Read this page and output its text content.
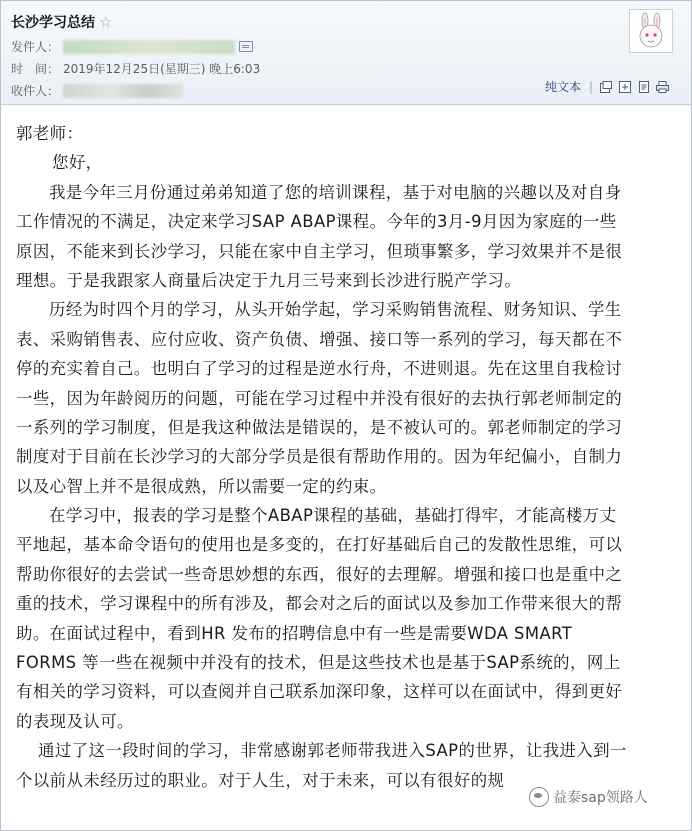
长沙学习总结 ☆
发件人：
时　间： 2019年12月25日(星期三) 晚上6:03
收件人：	纯文本 |
郭老师：
您好，
我是今年三月份通过弟弟知道了您的培训课程，基于对电脑的兴趣以及对自身
工作情况的不满足，决定来学习SAP ABAP课程。今年的3月-9月因为家庭的一些
原因，不能来到长沙学习，只能在家中自主学习，但琐事繁多，学习效果并不是很
理想。于是我跟家人商量后决定于九月三号来到长沙进行脱产学习。
历经为时四个月的学习，从头开始学起，学习采购销售流程、财务知识、学生
表、采购销售表、应付应收、资产负债、增强、接口等一系列的学习，每天都在不
停的充实着自己。也明白了学习的过程是逆水行舟，不进则退。先在这里自我检讨
一些，因为年龄阅历的问题，可能在学习过程中并没有很好的去执行郭老师制定的
一系列的学习制度，但是我这种做法是错误的，是不被认可的。郭老师制定的学习
制度对于目前在长沙学习的大部分学员是很有帮助作用的。因为年纪偏小，自制力
以及心智上并不是很成熟，所以需要一定的约束。
在学习中，报表的学习是整个ABAP课程的基础，基础打得牢，才能高楼万丈
平地起，基本命令语句的使用也是多变的，在打好基础后自己的发散性思维，可以
帮助你很好的去尝试一些奇思妙想的东西，很好的去理解。增强和接口也是重中之
重的技术，学习课程中的所有涉及，都会对之后的面试以及参加工作带来很大的帮
助。在面试过程中，看到HR 发布的招聘信息中有一些是需要WDA SMART
FORMS 等一些在视频中并没有的技术，但是这些技术也是基于SAP系统的，网上
有相关的学习资料，可以查阅并自己联系加深印象，这样可以在面试中，得到更好
的表现及认可。
通过了这一段时间的学习，非常感谢郭老师带我进入SAP的世界，让我进入到一
个以前从未经历过的职业。对于人生，对于未来，可以有很好的规
益泰sap领路人
